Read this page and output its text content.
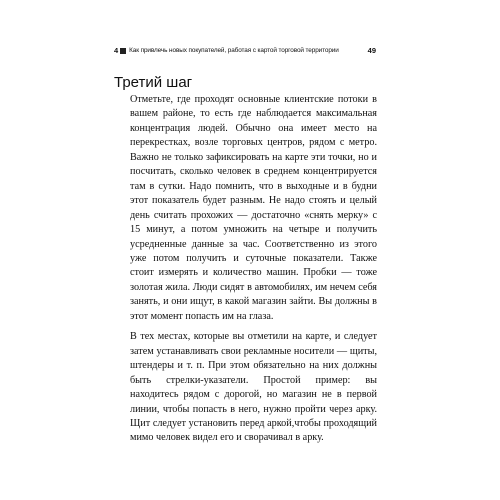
4 Как привлечь новых покупателей, работая с картой торговой территории	49
Третий шаг

Отметьте, где проходят основные клиентские потоки в вашем районе, то есть где наблюдается максимальная концентрация людей. Обычно она имеет место на перекрестках, возле торговых центров, рядом с метро. Важно не только зафиксировать на карте эти точки, но и посчитать, сколько человек в среднем концентрируется там в сутки. Надо помнить, что в выходные и в будни этот показатель будет разным. Не надо стоять и целый день считать прохожих — достаточно «снять мерку» с 15 минут, а потом умножить на четыре и получить усредненные данные за час. Соответственно из этого уже потом получить и суточные показатели. Также стоит измерять и количество машин. Пробки — тоже золотая жила. Люди сидят в автомобилях, им нечем себя занять, и они ищут, в какой магазин зайти. Вы должны в этот момент попасть им на глаза.

В тех местах, которые вы отметили на карте, и следует затем устанавливать свои рекламные носители — щиты, штендеры и т. п. При этом обязательно на них должны быть стрелки-указатели. Простой пример: вы находитесь рядом с дорогой, но магазин не в первой линии, чтобы попасть в него, нужно пройти через арку. Щит следует установить перед аркой,чтобы проходящий мимо человек видел его и сворачивал в арку.
